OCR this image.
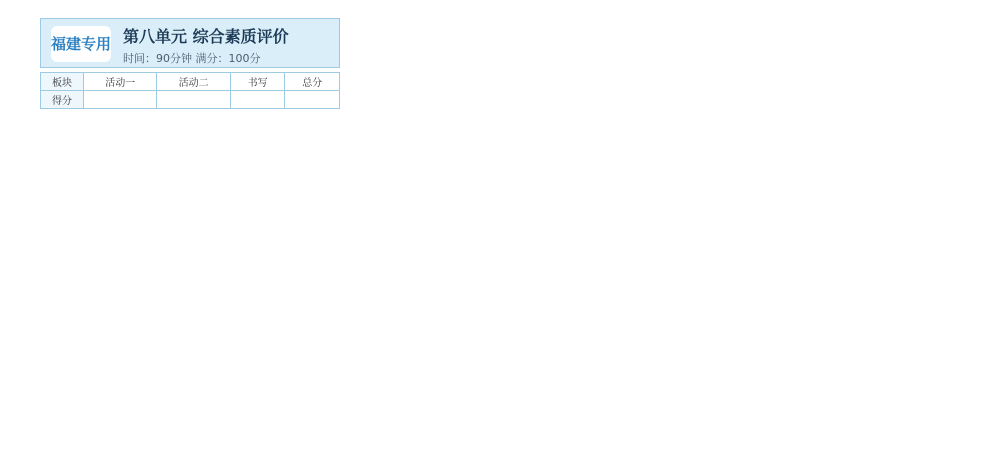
福建专用 第八单元 综合素质评价
时间：90分钟 满分：100分
板块	活动一	活动二	书写	总分
得分				
